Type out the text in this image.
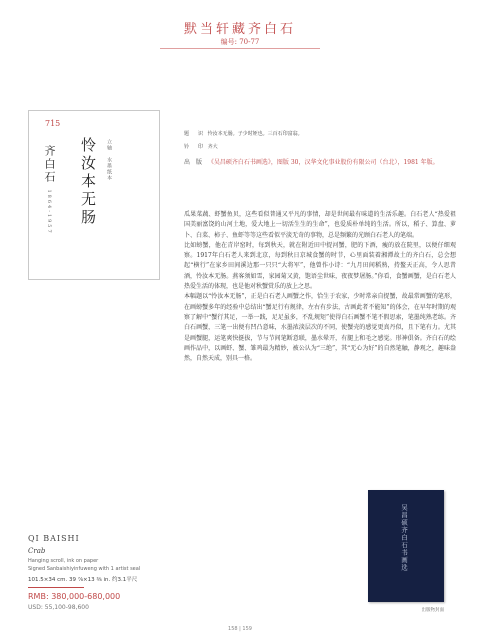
默当轩藏齐白石
编号: 70-77
715
怜汝本无肠	立轴　水墨纸本
齐白石 1864-1957
题　识 怜汝本无肠。子少时姪也。三百石印富翁。
钤　印 齐大
出　版 《吴昌硕齐白石书画选》，图版 30，汉华文化事业股份有限公司（台北），1981 年版。

瓜果菜蔬、虾蟹鱼贝，这些看似普通又平凡的事情，却是世间最有味道的生活乐趣。白石老人“热爱祖国美丽富饶的山河土地，爱大地上一切活生生的生命”，也爱质朴单纯的生活。所以，稻子、算盘、萝卜、白菜、柿子、鱼虾等等这些看似平淡无奇的事物，总是频繁的光顾白石老人的笔端。

比如螃蟹，他在青岸窑时，每到秋天，就在附近田中捉河蟹，肥的下酒，瘦的放在院里，以便仔细观察。1917年白石老人来到北京，每到秋日京城食蟹的时节，心里面装着湘潭故土的齐白石，总会想起“横行”在家乡田间溪边那一只只“大将军”，他曾作小诗：“九月田间稻熟，持鳌天正高，令人思昔酒，怜汝本无肠。燕客须如雪，家园菊又黄，饱语尘世味，夜夜梦屠肠。”你看，食蟹画蟹，是白石老人热爱生活的体现，也是他对秋蟹赏乐的放上之思。

本幅题以“怜汝本无肠”，正是白石老人画蟹之作，恰生于农家，少时常亲自捉蟹，故最常画蟹的笔形，在画螃蟹多年的经验中总结出“蟹足行有规律，左右有步法，古画此者不能知”的体会，在早年时期的观察了解中“蟹行其足，一举一践，足足虽多，不乱规矩”使得白石画蟹不笔不假思索，笔墨纯熟老练。齐白石画蟹，三笔一出便有凹凸意味，水墨浓淡层次的不同，使蟹壳的感觉更真丹似，且下笔有力。尤其是画蟹腿，运笔爽快挺拔，节与节间笔断意联，墨水晕开，有腿上和毛之感觉。形神俱备。齐白石的绘画作品中，以画虾、蟹、雏鸡最为精妙，被公认为“三绝”，其“无心为好”的自然笔触，静观之，趣味盎然，自然天成，别具一格。

QI BAISHI
Crab
Hanging scroll, ink on paper
Signed Sanbaishiyinfuweng with 1 artist seal
101.5×34 cm. 39 ⅞×13 ⅜ in. 约3.1平尺
RMB: 380,000-680,000
USD: 55,100-98,600
吴昌硕齐白石书画选
出版物封面
158 | 159
